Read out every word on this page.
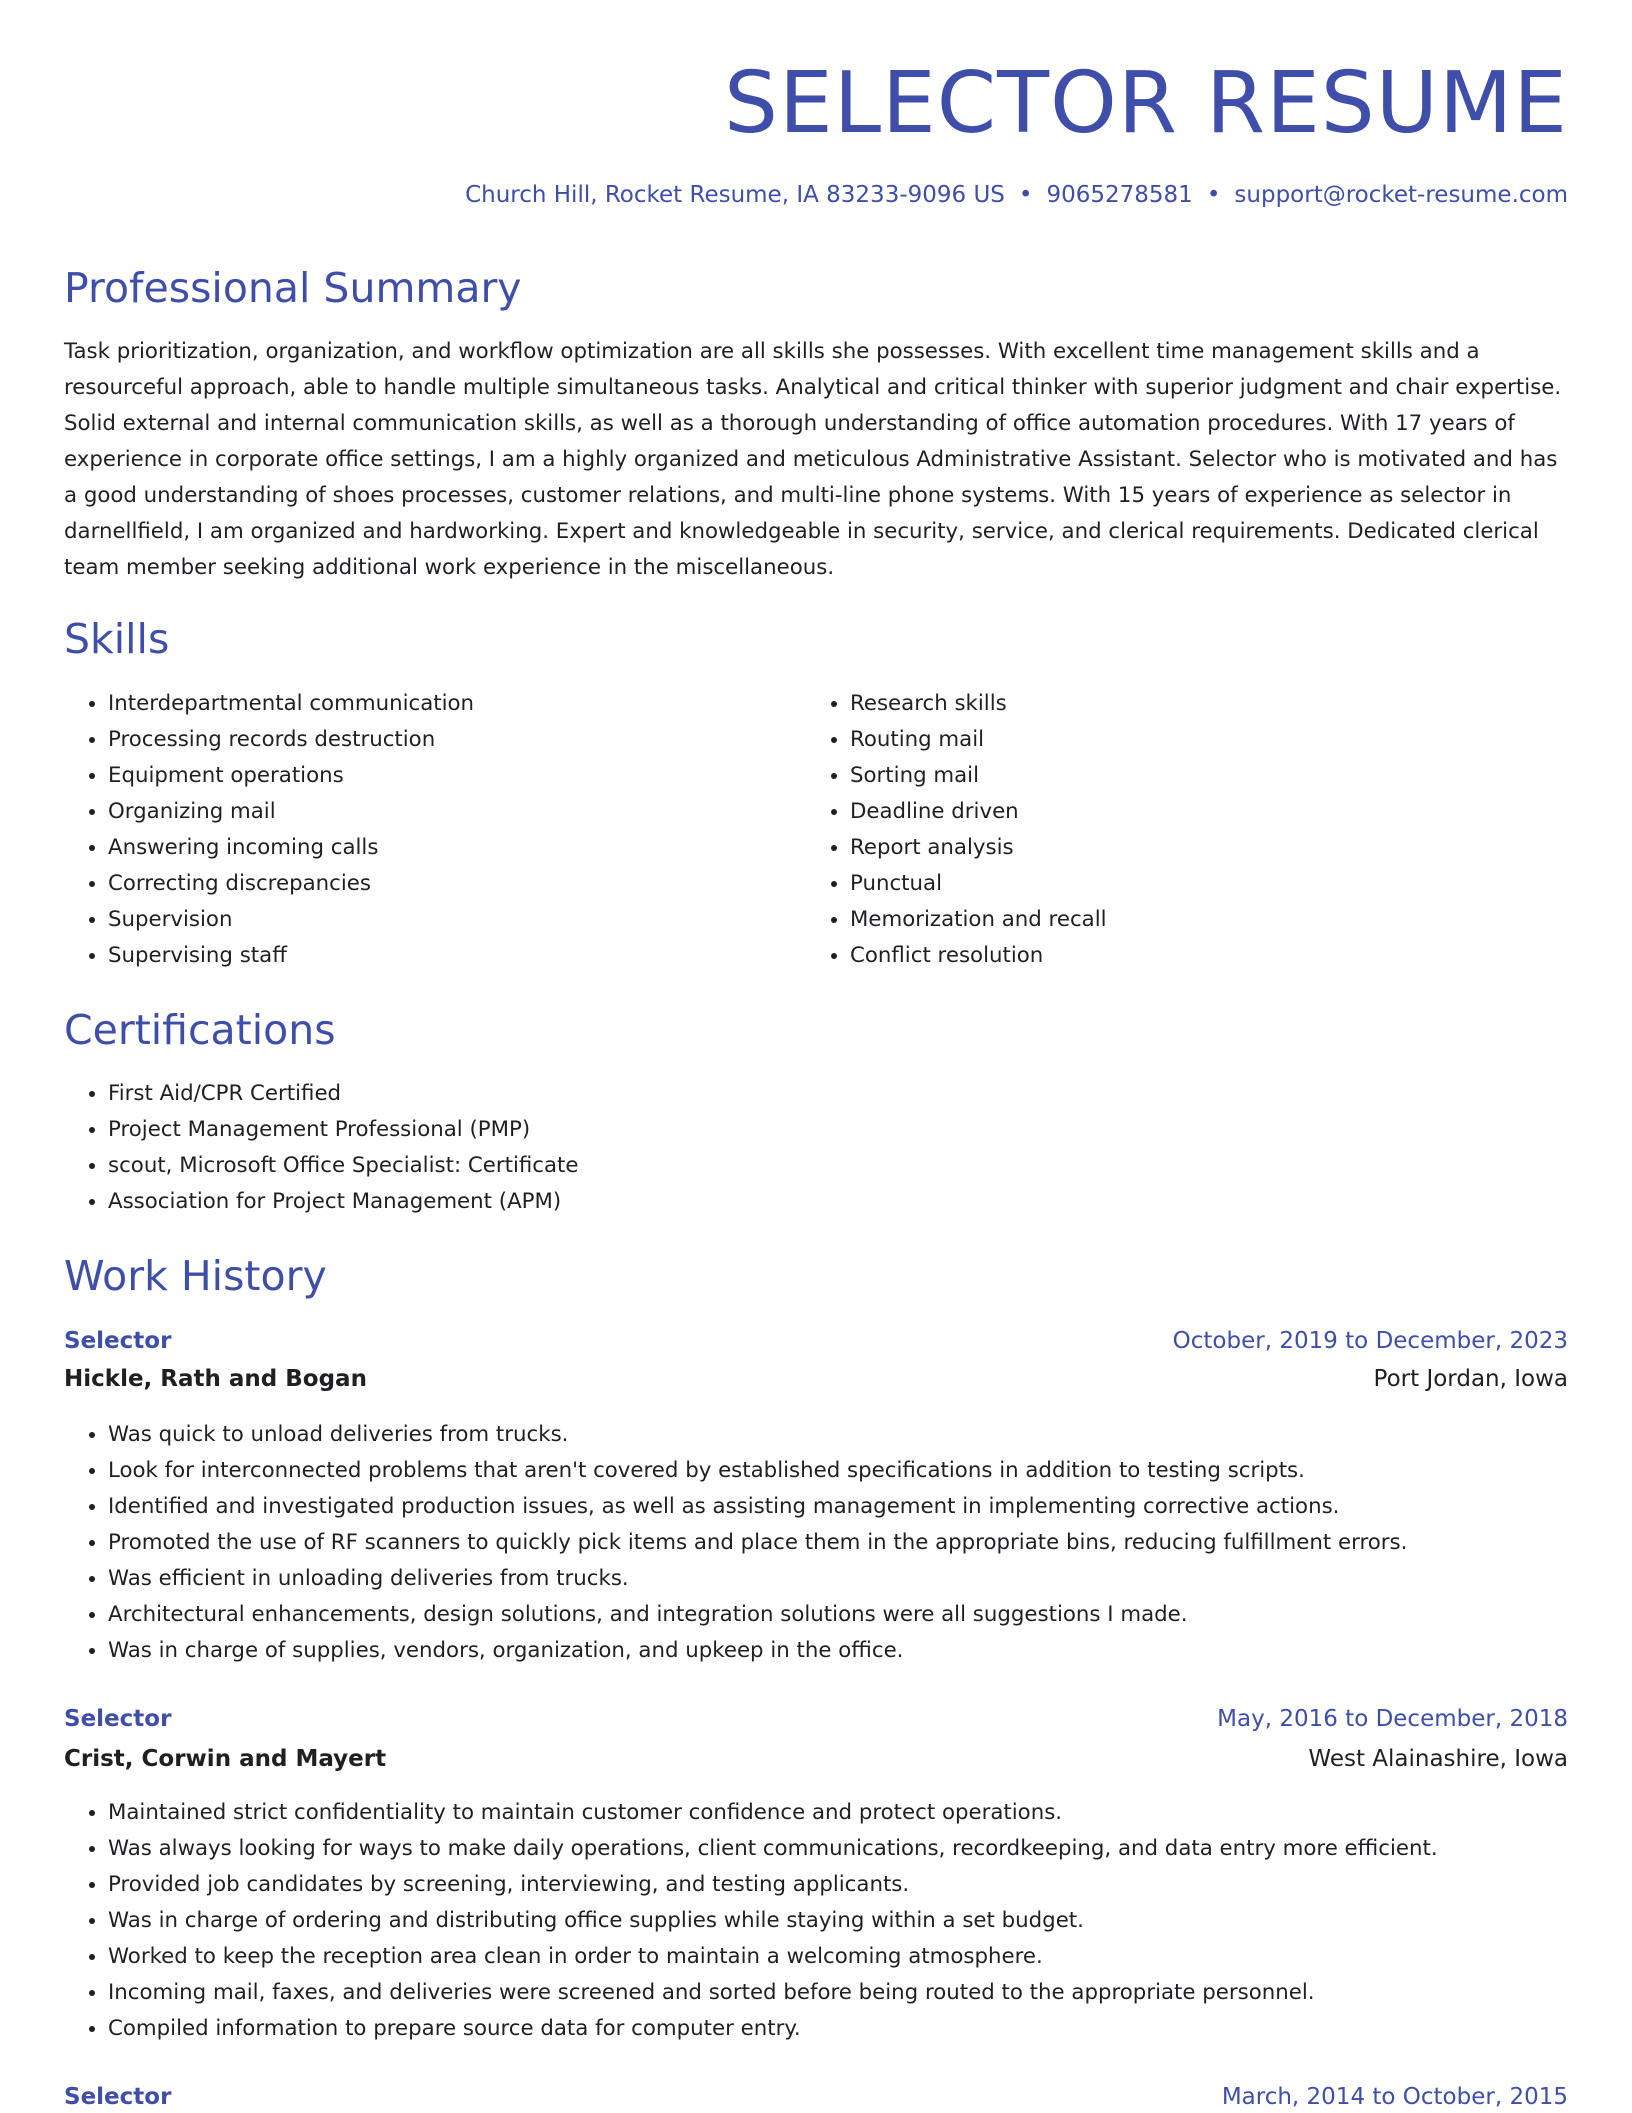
SELECTOR RESUME
Church Hill, Rocket Resume, IA 83233-9096 US • 9065278581 • support@rocket-resume.com
Professional Summary

Task prioritization, organization, and workflow optimization are all skills she possesses. With excellent time management skills and a resourceful approach, able to handle multiple simultaneous tasks. Analytical and critical thinker with superior judgment and chair expertise. Solid external and internal communication skills, as well as a thorough understanding of office automation procedures. With 17 years of experience in corporate office settings, I am a highly organized and meticulous Administrative Assistant. Selector who is motivated and has a good understanding of shoes processes, customer relations, and multi-line phone systems. With 15 years of experience as selector in darnellfield, I am organized and hardworking. Expert and knowledgeable in security, service, and clerical requirements. Dedicated clerical team member seeking additional work experience in the miscellaneous.

Skills
• Interdepartmental communication
• Processing records destruction
• Equipment operations
• Organizing mail
• Answering incoming calls
• Correcting discrepancies
• Supervision
• Supervising staff
• Research skills
• Routing mail
• Sorting mail
• Deadline driven
• Report analysis
• Punctual
• Memorization and recall
• Conflict resolution
Certifications
• First Aid/CPR Certified
• Project Management Professional (PMP)
• scout, Microsoft Office Specialist: Certificate
• Association for Project Management (APM)
Work History
Selector	October, 2019 to December, 2023
Hickle, Rath and Bogan	Port Jordan, Iowa
• Was quick to unload deliveries from trucks.
• Look for interconnected problems that aren't covered by established specifications in addition to testing scripts.
• Identified and investigated production issues, as well as assisting management in implementing corrective actions.
• Promoted the use of RF scanners to quickly pick items and place them in the appropriate bins, reducing fulfillment errors.
• Was efficient in unloading deliveries from trucks.
• Architectural enhancements, design solutions, and integration solutions were all suggestions I made.
• Was in charge of supplies, vendors, organization, and upkeep in the office.
Selector	May, 2016 to December, 2018
Crist, Corwin and Mayert	West Alainashire, Iowa
• Maintained strict confidentiality to maintain customer confidence and protect operations.
• Was always looking for ways to make daily operations, client communications, recordkeeping, and data entry more efficient.
• Provided job candidates by screening, interviewing, and testing applicants.
• Was in charge of ordering and distributing office supplies while staying within a set budget.
• Worked to keep the reception area clean in order to maintain a welcoming atmosphere.
• Incoming mail, faxes, and deliveries were screened and sorted before being routed to the appropriate personnel.
• Compiled information to prepare source data for computer entry.
Selector	March, 2014 to October, 2015
